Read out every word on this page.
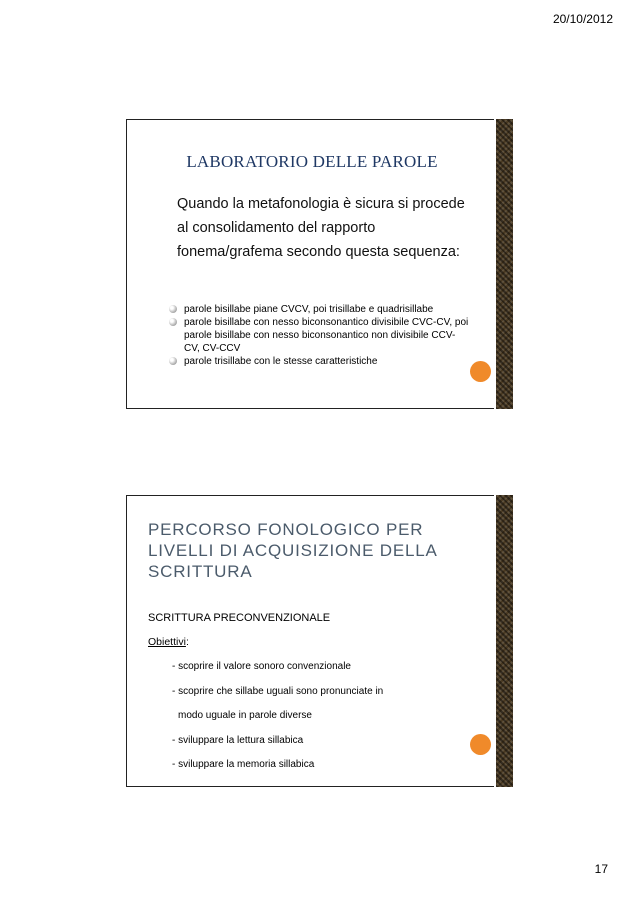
20/10/2012
LABORATORIO DELLE PAROLE
Quando la metafonologia è sicura si procede al consolidamento del rapporto fonema/grafema secondo questa sequenza:
parole bisillabe piane CVCV, poi trisillabe e quadrisillabe
parole bisillabe con nesso biconsonantico divisibile CVC-CV, poi parole bisillabe con nesso biconsonantico non divisibile CCV-CV, CV-CCV
parole trisillabe con le stesse caratteristiche
PERCORSO FONOLOGICO PER LIVELLI DI ACQUISIZIONE DELLA SCRITTURA
SCRITTURA PRECONVENZIONALE
Obiettivi:
- scoprire il valore sonoro convenzionale
- scoprire che sillabe uguali sono pronunciate in
modo uguale in parole diverse
- sviluppare la lettura sillabica
- sviluppare la memoria sillabica
17
